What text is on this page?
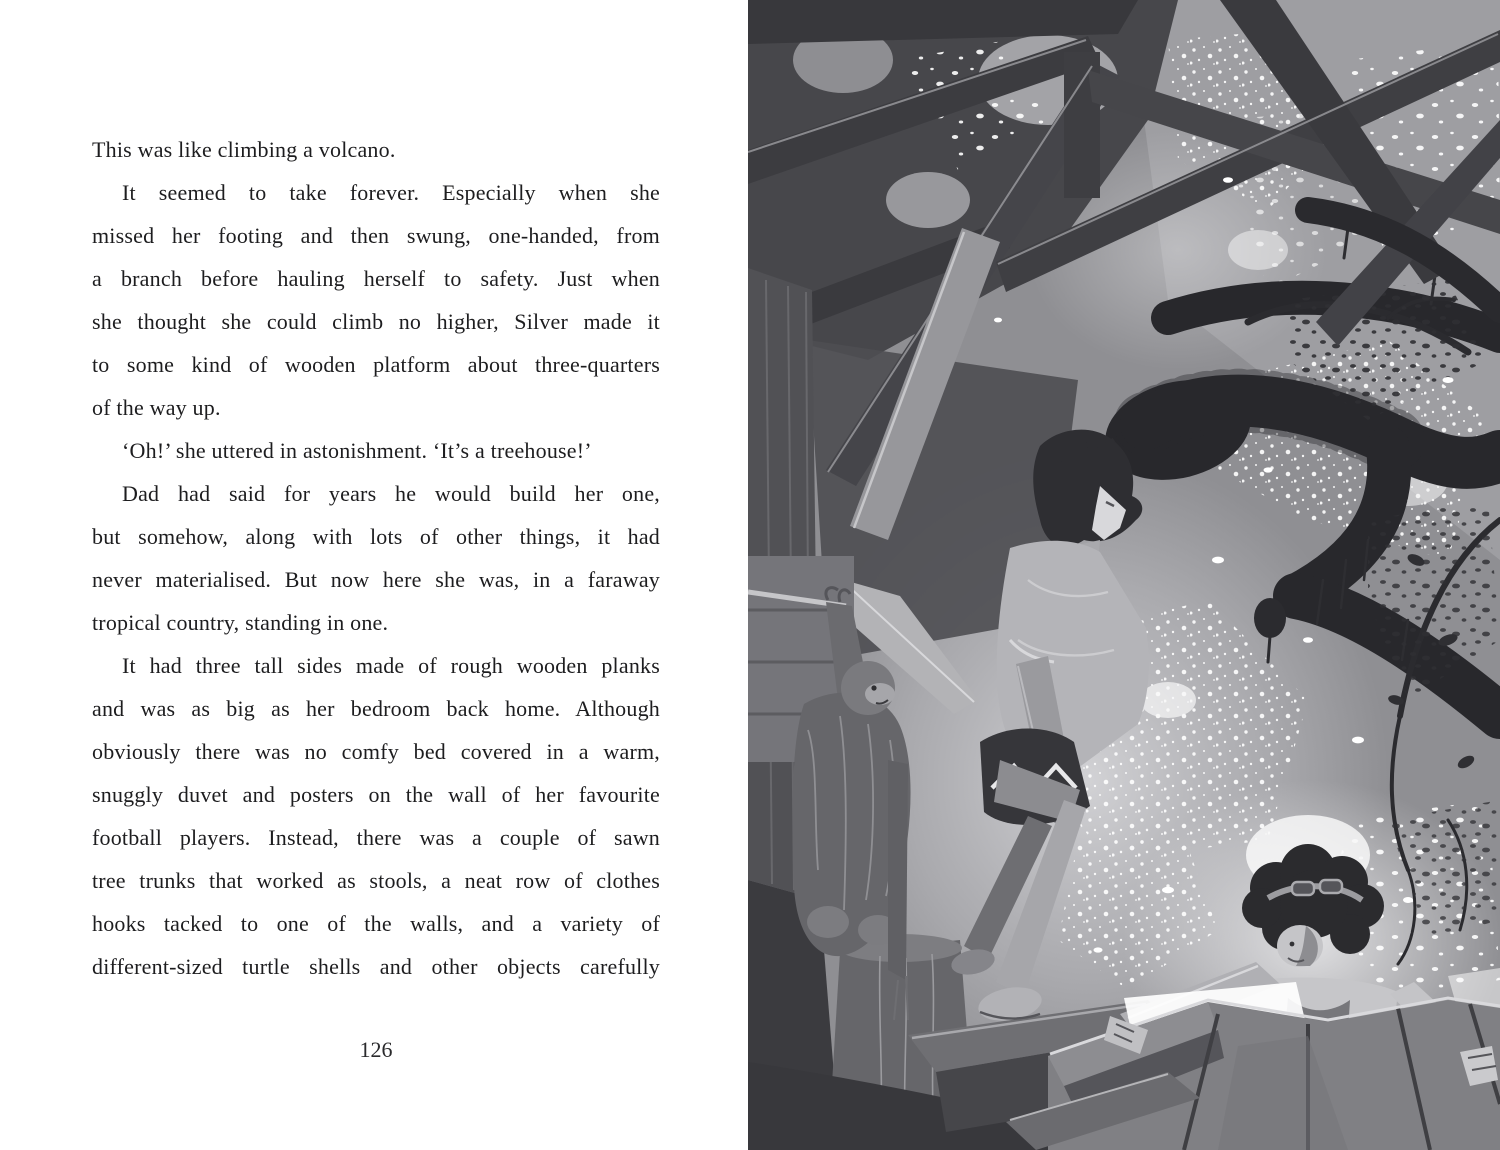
This was like climbing a volcano.
It seemed to take forever. Especially when she
missed her footing and then swung, one-handed, from
a branch before hauling herself to safety. Just when
she thought she could climb no higher, Silver made it
to some kind of wooden platform about three-quarters
of the way up.
‘Oh!’ she uttered in astonishment. ‘It’s a treehouse!’
Dad had said for years he would build her one,
but somehow, along with lots of other things, it had
never materialised. But now here she was, in a faraway
tropical country, standing in one.
It had three tall sides made of rough wooden planks
and was as big as her bedroom back home. Although
obviously there was no comfy bed covered in a warm,
snuggly duvet and posters on the wall of her favourite
football players. Instead, there was a couple of sawn
tree trunks that worked as stools, a neat row of clothes
hooks tacked to one of the walls, and a variety of
different-sized turtle shells and other objects carefully
126
